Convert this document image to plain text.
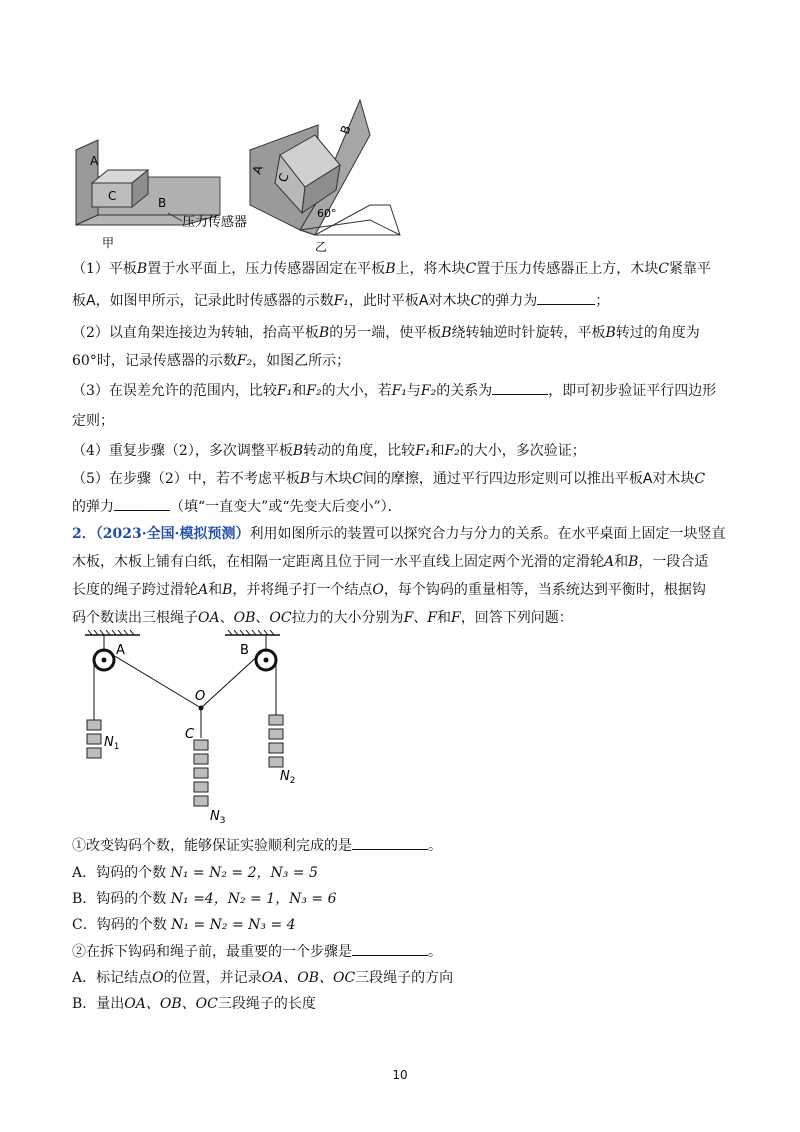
A
C	B
压力传感器
甲
A
C
B
60°
乙
（1）平板B置于水平面上，压力传感器固定在平板B上，将木块C置于压力传感器正上方，木块C紧靠平
板A，如图甲所示，记录此时传感器的示数F₁，此时平板A对木块C的弹力为	；
（2）以直角架连接边为转轴，抬高平板B的另一端，使平板B绕转轴逆时针旋转，平板B转过的角度为
60°时，记录传感器的示数F₂，如图乙所示；
（3）在误差允许的范围内，比较F₁和F₂的大小，若F₁与F₂的关系为	，即可初步验证平行四边形
定则；
（4）重复步骤（2），多次调整平板B转动的角度，比较F₁和F₂的大小，多次验证；
（5）在步骤（2）中，若不考虑平板B与木块C间的摩擦，通过平行四边形定则可以推出平板A对木块C
的弹力	（填“一直变大”或“先变大后变小”）．
2．（2023·全国·模拟预测）利用如图所示的装置可以探究合力与分力的关系。在水平桌面上固定一块竖直
木板，木板上铺有白纸，在相隔一定距离且位于同一水平直线上固定两个光滑的定滑轮A和B，一段合适
长度的绳子跨过滑轮A和B，并将绳子打一个结点O，每个钩码的重量相等，当系统达到平衡时，根据钩
码个数读出三根绳子OA、OB、OC拉力的大小分别为F、F和F，回答下列问题：
A	B
O
C
$N_1$
$N_3$
$N_2$
①改变钩码个数，能够保证实验顺利完成的是	。
A．钩码的个数 N₁ = N₂ = 2，N₃ = 5
B．钩码的个数 N₁ =4，N₂ = 1，N₃ = 6
C．钩码的个数 N₁ = N₂ = N₃ = 4
②在拆下钩码和绳子前，最重要的一个步骤是	。
A．标记结点O的位置，并记录OA、OB、OC三段绳子的方向
B．量出OA、OB、OC三段绳子的长度
10
